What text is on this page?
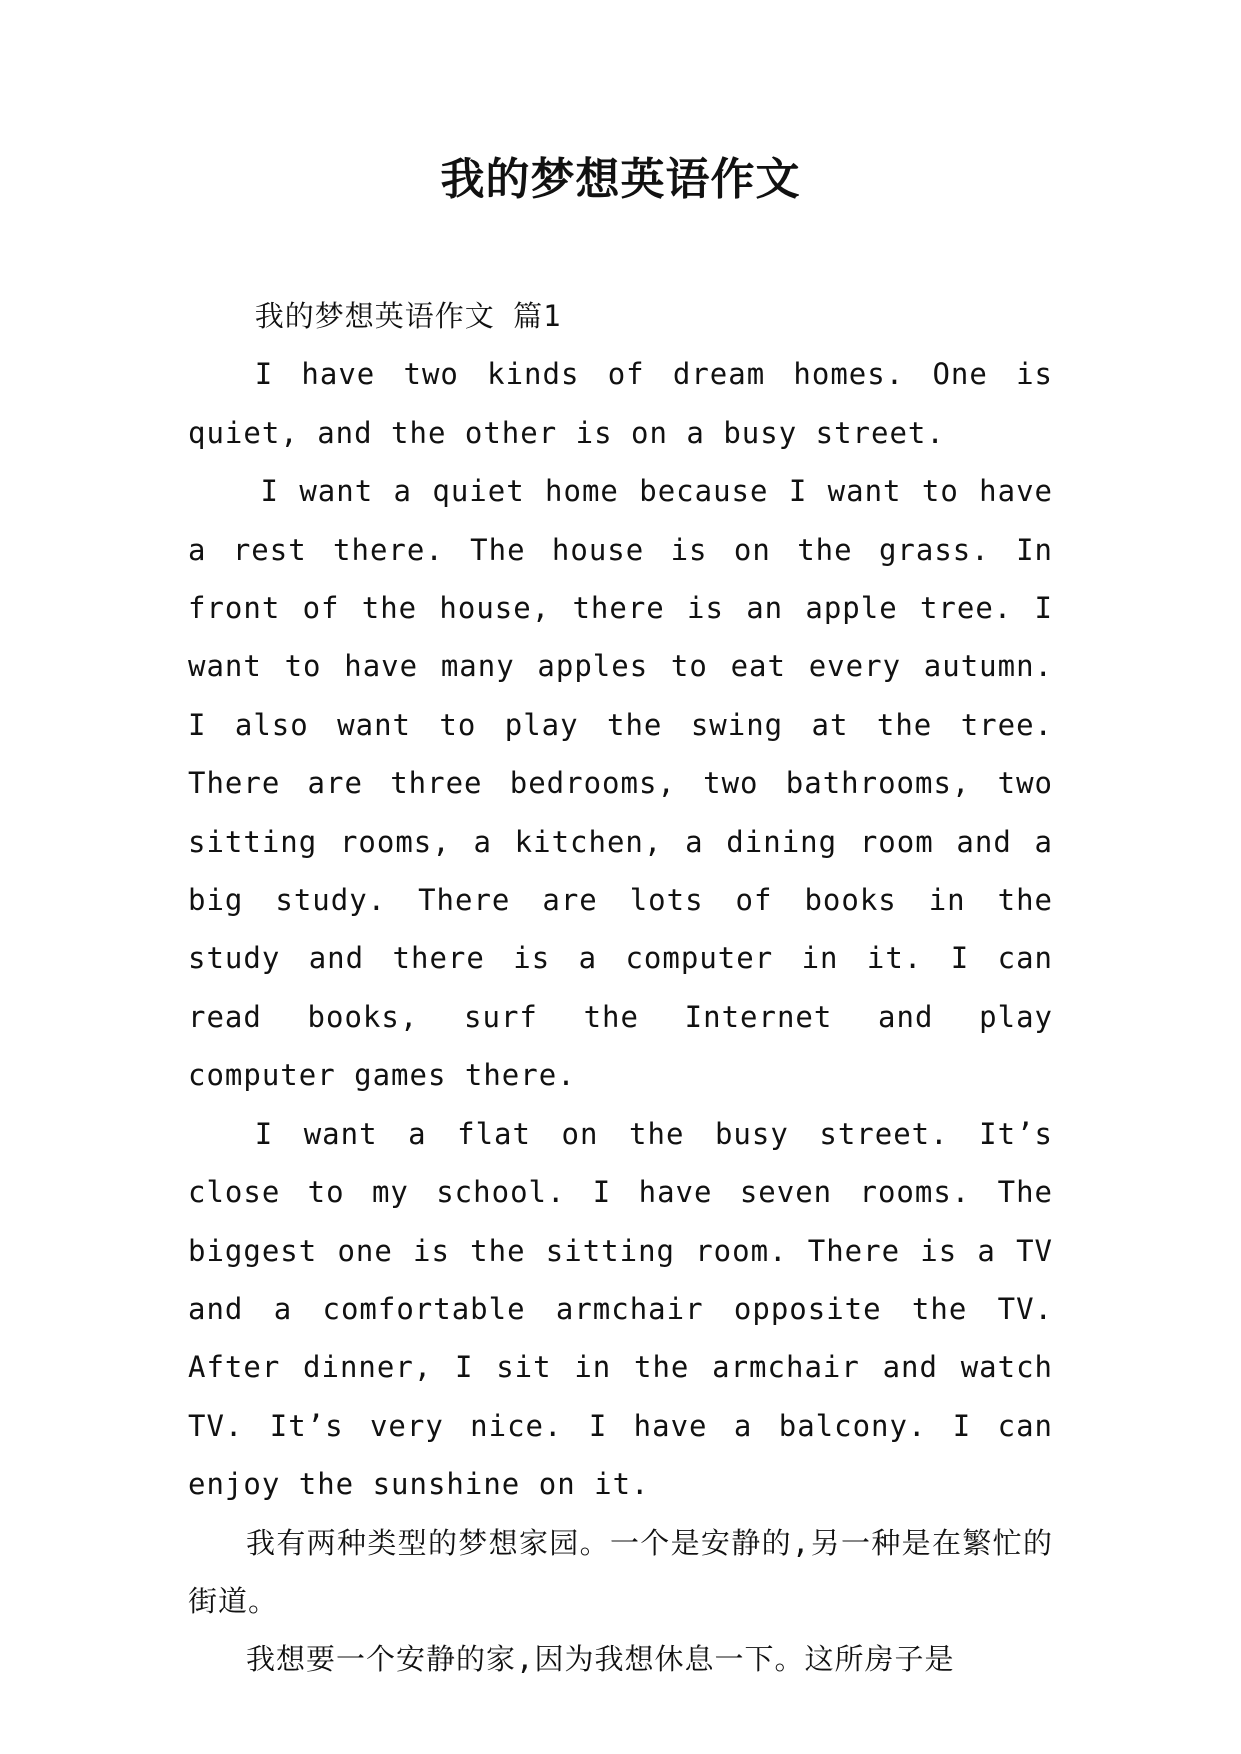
我的梦想英语作文

我的梦想英语作文 篇1

I have two kinds of dream homes. One is quiet, and the other is on a busy street.

I want a quiet home because I want to have a rest there. The house is on the grass. In front of the house, there is an apple tree. I want to have many apples to eat every autumn. I also want to play the swing at the tree. There are three bedrooms, two bathrooms, two sitting rooms, a kitchen, a dining room and a big study. There are lots of books in the study and there is a computer in it. I can read books, surf the Internet and play computer games there.

I want a flat on the busy street. It’s close to my school. I have seven rooms. The biggest one is the sitting room. There is a TV and a comfortable armchair opposite the TV. After dinner, I sit in the armchair and watch TV. It’s very nice. I have a balcony. I can enjoy the sunshine on it.

我有两种类型的梦想家园。一个是安静的,另一种是在繁忙的街道。

我想要一个安静的家,因为我想休息一下。这所房子是
